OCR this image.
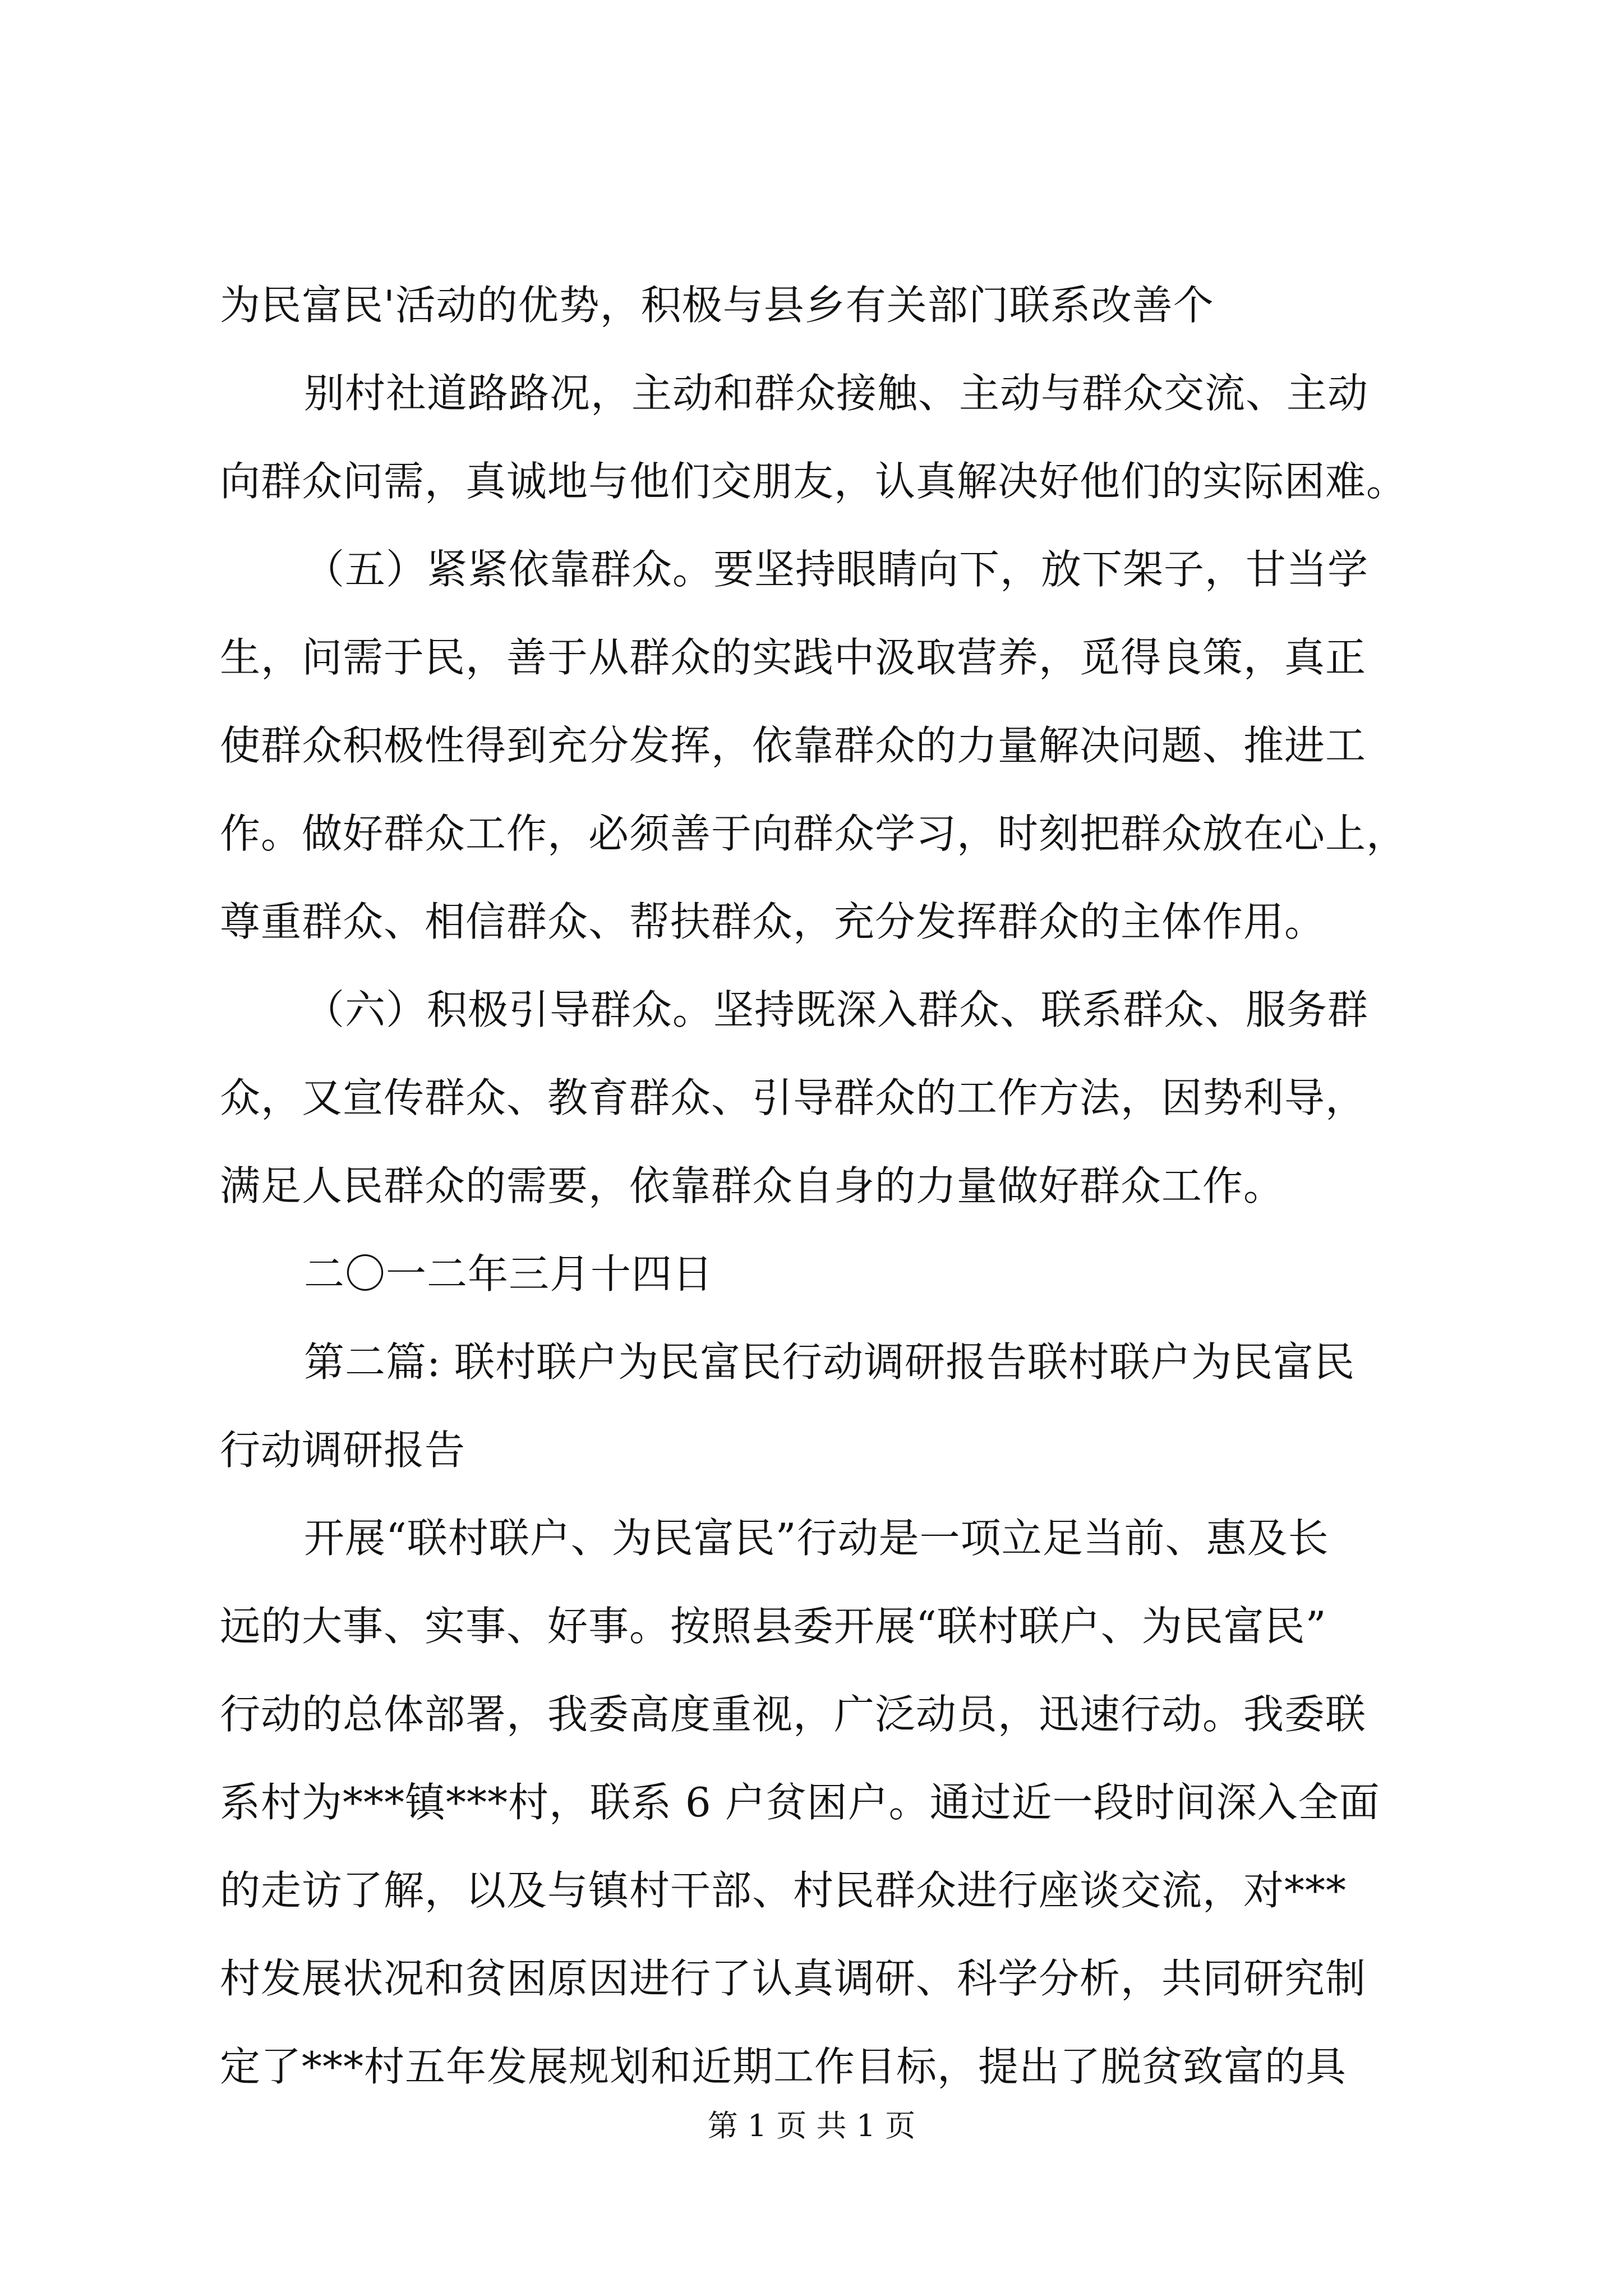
为民富民'活动的优势，积极与县乡有关部门联系改善个
别村社道路路况，主动和群众接触、主动与群众交流、主动
向群众问需，真诚地与他们交朋友，认真解决好他们的实际困难。
（五）紧紧依靠群众。要坚持眼睛向下，放下架子，甘当学
生，问需于民，善于从群众的实践中汲取营养，觅得良策，真正
使群众积极性得到充分发挥，依靠群众的力量解决问题、推进工
作。做好群众工作，必须善于向群众学习，时刻把群众放在心上，
尊重群众、相信群众、帮扶群众，充分发挥群众的主体作用。
（六）积极引导群众。坚持既深入群众、联系群众、服务群
众，又宣传群众、教育群众、引导群众的工作方法，因势利导，
满足人民群众的需要，依靠群众自身的力量做好群众工作。
二〇一二年三月十四日
第二篇: 联村联户为民富民行动调研报告联村联户为民富民
行动调研报告
开展“联村联户、为民富民”行动是一项立足当前、惠及长
远的大事、实事、好事。按照县委开展“联村联户、为民富民”
行动的总体部署，我委高度重视，广泛动员，迅速行动。我委联
系村为***镇***村，联系 6 户贫困户。通过近一段时间深入全面
的走访了解，以及与镇村干部、村民群众进行座谈交流，对***
村发展状况和贫困原因进行了认真调研、科学分析，共同研究制
定了***村五年发展规划和近期工作目标，提出了脱贫致富的具
第 1 页 共 1 页
